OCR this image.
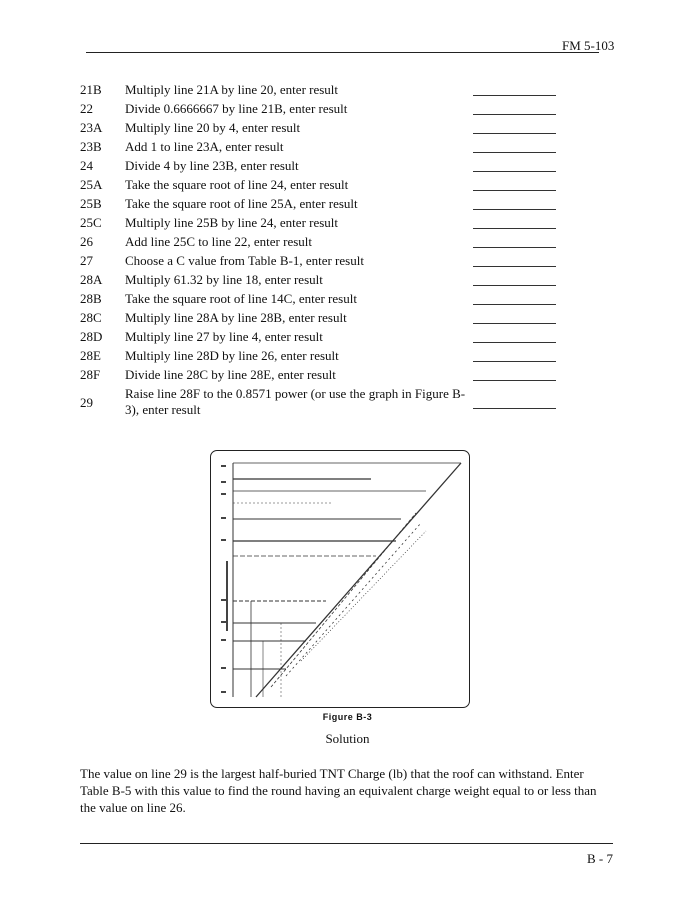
FM 5-103
21B Multiply line 21A by line 20, enter result
22 Divide 0.6666667 by line 21B, enter result
23A Multiply line 20 by 4, enter result
23B Add 1 to line 23A, enter result
24 Divide 4 by line 23B, enter result
25A Take the square root of line 24, enter result
25B Take the square root of line 25A, enter result
25C Multiply line 25B by line 24, enter result
26 Add line 25C to line 22, enter result
27 Choose a C value from Table B-1, enter result
28A Multiply 61.32 by line 18, enter result
28B Take the square root of line 14C, enter result
28C Multiply line 28A by line 28B, enter result
28D Multiply line 27 by line 4, enter result
28E Multiply line 28D by line 26, enter result
28F Divide line 28C by line 28E, enter result
29
Raise line 28F to the 0.8571 power (or use the graph in Figure B-3), enter result
Figure B-3
Solution
The value on line 29 is the largest half-buried TNT Charge (lb) that the roof can withstand. Enter Table B-5 with this value to find the round having an equivalent charge weight equal to or less than the value on line 26.
B - 7
